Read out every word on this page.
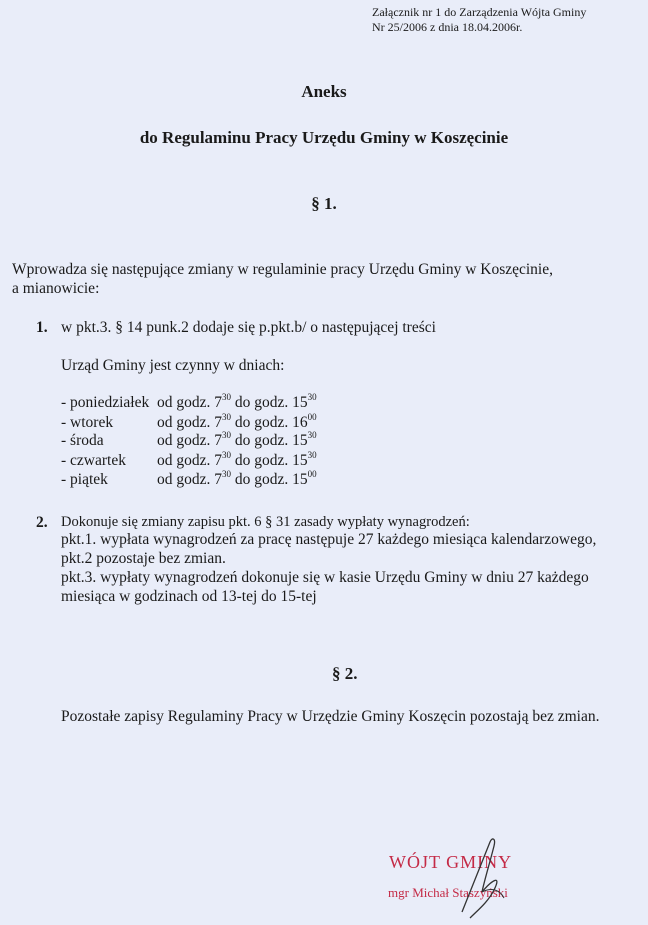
Załącznik nr 1 do Zarządzenia Wójta Gminy
Nr 25/2006 z dnia 18.04.2006r.
Aneks
do Regulaminu Pracy Urzędu Gminy w Koszęcinie
§ 1.
Wprowadza się następujące zmiany w regulaminie pracy Urzędu Gminy w Koszęcinie,
a mianowicie:
1. w pkt.3. § 14 punk.2 dodaje się p.pkt.b/ o następującej treści
Urząd Gminy jest czynny w dniach:
- poniedziałek od godz. $7^{30}$ do godz. $15^{30}$
- wtorek	od godz. $7^{30}$ do godz. $16^{00}$
- środa	od godz. $7^{30}$ do godz. $15^{30}$
- czwartek od godz. $7^{30}$ do godz. $15^{30}$
- piątek	od godz. $7^{30}$ do godz. $15^{00}$
2. Dokonuje się zmiany zapisu pkt. 6 § 31 zasady wypłaty wynagrodzeń:
pkt.1. wypłata wynagrodzeń za pracę następuje 27 każdego miesiąca kalendarzowego,
pkt.2 pozostaje bez zmian.
pkt.3. wypłaty wynagrodzeń dokonuje się w kasie Urzędu Gminy w dniu 27 każdego
miesiąca w godzinach od 13-tej do 15-tej
§ 2.
Pozostałe zapisy Regulaminy Pracy w Urzędzie Gminy Koszęcin pozostają bez zmian.
WÓJT GMINY
mgr Michał Staszyński
